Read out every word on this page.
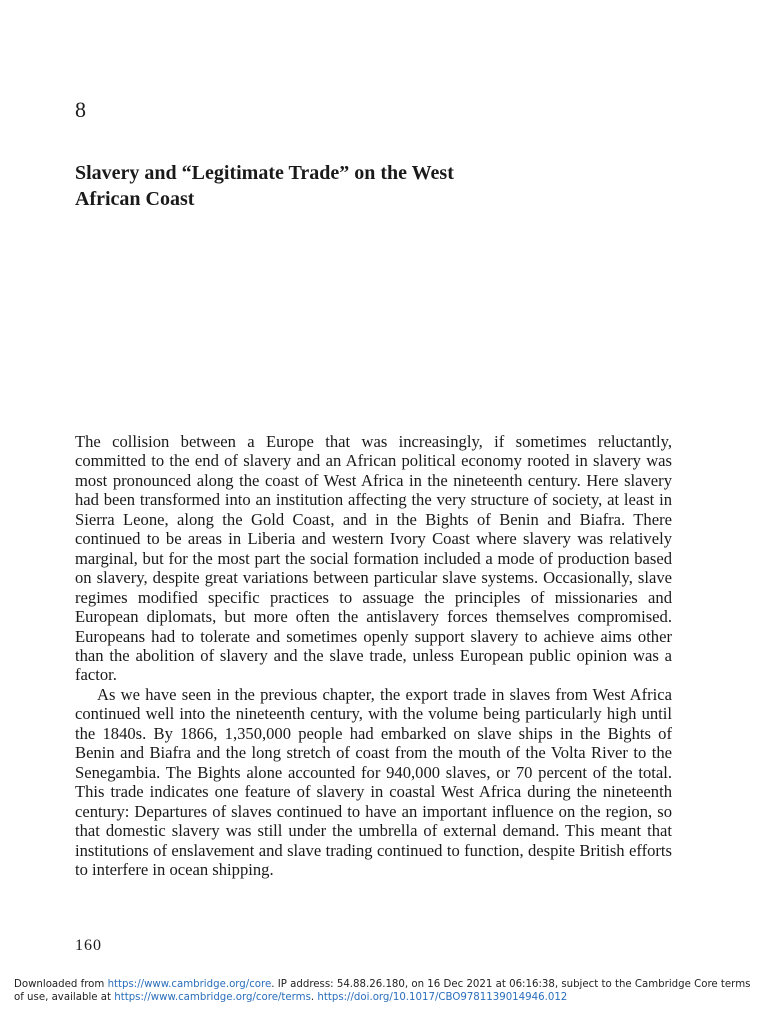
8
Slavery and “Legitimate Trade” on the West
African Coast

The collision between a Europe that was increasingly, if sometimes reluctantly, committed to the end of slavery and an African political economy rooted in slavery was most pronounced along the coast of West Africa in the nineteenth century. Here slavery had been transformed into an institution affecting the very structure of society, at least in Sierra Leone, along the Gold Coast, and in the Bights of Benin and Biafra. There continued to be areas in Liberia and western Ivory Coast where slavery was relatively marginal, but for the most part the social formation included a mode of production based on slavery, despite great variations between particular slave systems. Occasionally, slave regimes modified specific practices to assuage the principles of missionaries and European diplomats, but more often the antislavery forces themselves compromised. Europeans had to tolerate and sometimes openly support slavery to achieve aims other than the abolition of slavery and the slave trade, unless European public opinion was a factor.

As we have seen in the previous chapter, the export trade in slaves from West Africa continued well into the nineteenth century, with the volume being particularly high until the 1840s. By 1866, 1,350,000 people had embarked on slave ships in the Bights of Benin and Biafra and the long stretch of coast from the mouth of the Volta River to the Senegambia. The Bights alone accounted for 940,000 slaves, or 70 percent of the total. This trade indicates one feature of slavery in coastal West Africa during the nineteenth century: Departures of slaves continued to have an important influence on the region, so that domestic slavery was still under the umbrella of external demand. This meant that institutions of enslavement and slave trading continued to function, despite British efforts to interfere in ocean shipping.

160
Downloaded from https://www.cambridge.org/core. IP address: 54.88.26.180, on 16 Dec 2021 at 06:16:38, subject to the Cambridge Core terms of use, available at https://www.cambridge.org/core/terms. https://doi.org/10.1017/CBO9781139014946.012
